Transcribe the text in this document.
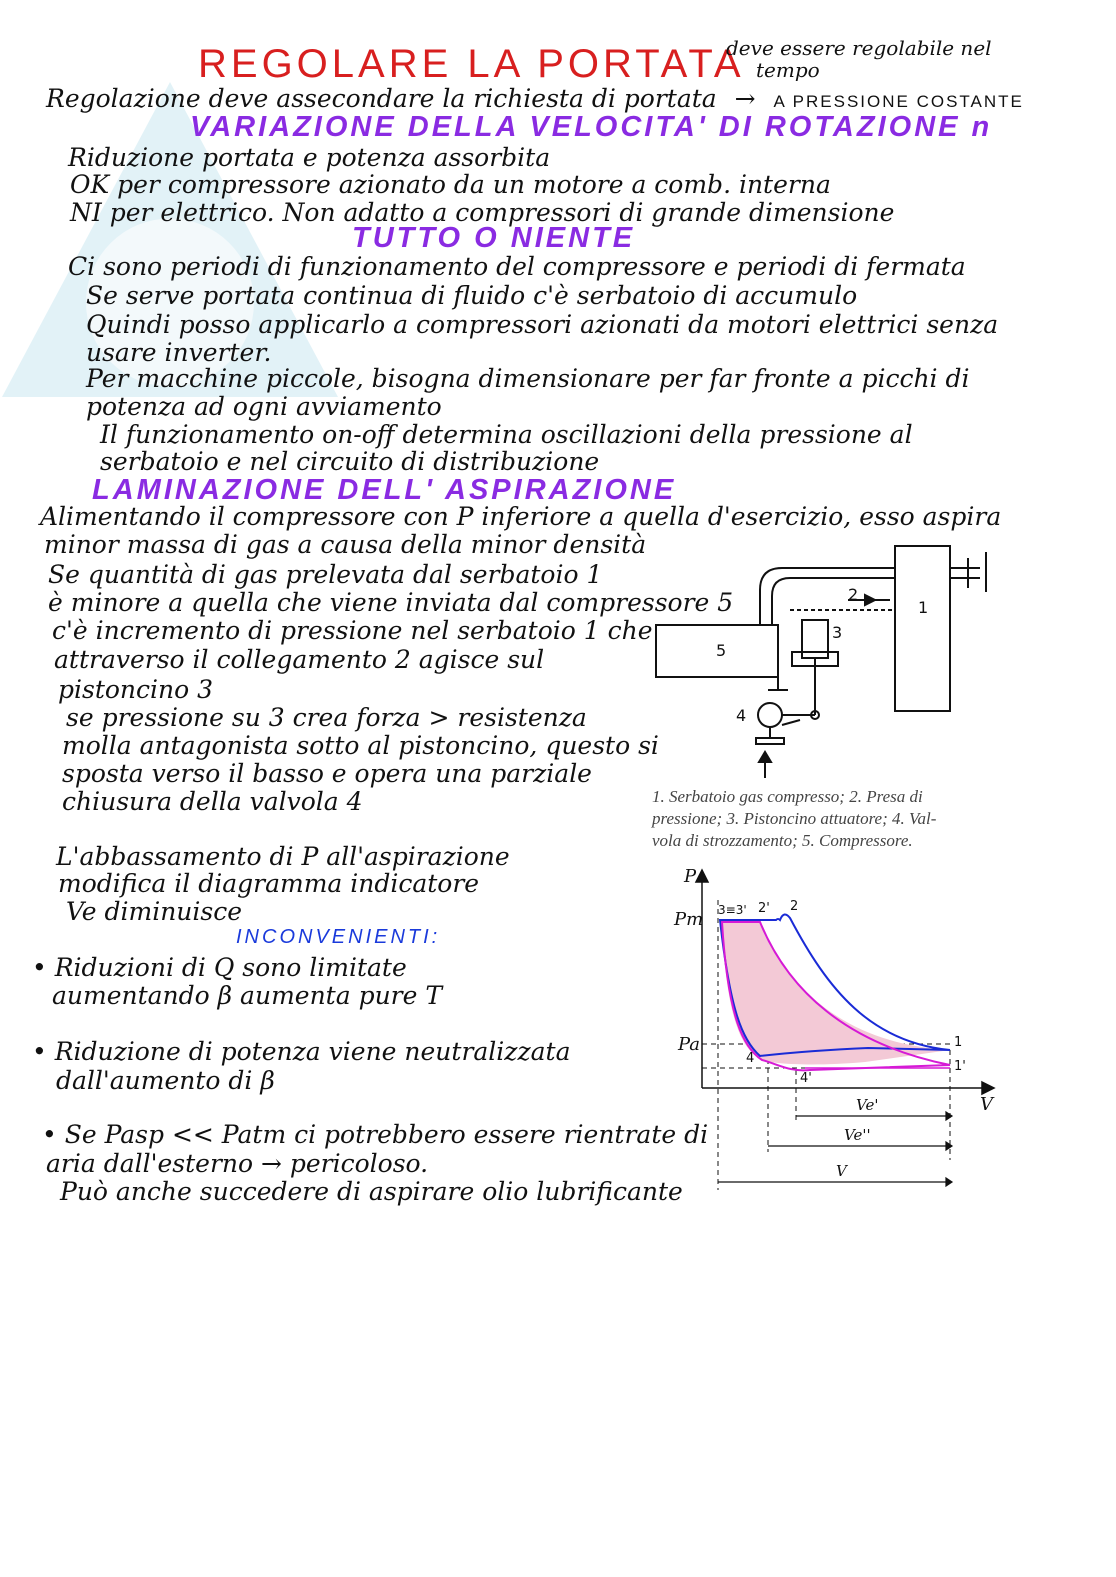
REGOLARE LA PORTATA
deve essere regolabile nel
tempo
Regolazione deve assecondare la richiesta di portata → A PRESSIONE COSTANTE
VARIAZIONE DELLA VELOCITA' DI ROTAZIONE n
Riduzione portata e potenza assorbita
OK per compressore azionato da un motore a comb. interna
NI per elettrico. Non adatto a compressori di grande dimensione
TUTTO O NIENTE
Ci sono periodi di funzionamento del compressore e periodi di fermata
Se serve portata continua di fluido c'è serbatoio di accumulo
Quindi posso applicarlo a compressori azionati da motori elettrici senza
usare inverter.
Per macchine piccole, bisogna dimensionare per far fronte a picchi di
potenza ad ogni avviamento
Il funzionamento on-off determina oscillazioni della pressione al
serbatoio e nel circuito di distribuzione
LAMINAZIONE DELL' ASPIRAZIONE
Alimentando il compressore con P inferiore a quella d'esercizio, esso aspira
minor massa di gas a causa della minor densità
Se quantità di gas prelevata dal serbatoio 1
è minore a quella che viene inviata dal compressore 5
c'è incremento di pressione nel serbatoio 1 che
attraverso il collegamento 2 agisce sul
pistoncino 3
se pressione su 3 crea forza > resistenza
molla antagonista sotto al pistoncino, questo si
sposta verso il basso e opera una parziale
chiusura della valvola 4
L'abbassamento di P all'aspirazione
modifica il diagramma indicatore
Ve diminuisce
INCONVENIENTI:
• Riduzioni di Q sono limitate
aumentando β aumenta pure T
• Riduzione di potenza viene neutralizzata
dall'aumento di β
• Se Pasp << Patm ci potrebbero essere rientrate di
aria dall'esterno → pericoloso.
Può anche succedere di aspirare olio lubrificante
1
2
3
4
5
1. Serbatoio gas compresso; 2. Presa di
pressione; 3. Pistoncino attuatore; 4. Val-
vola di strozzamento; 5. Compressore.
P
V
Pm
Pa
3≡3' 2' 2
1
1'
4
4'
Ve'
Ve''
V
